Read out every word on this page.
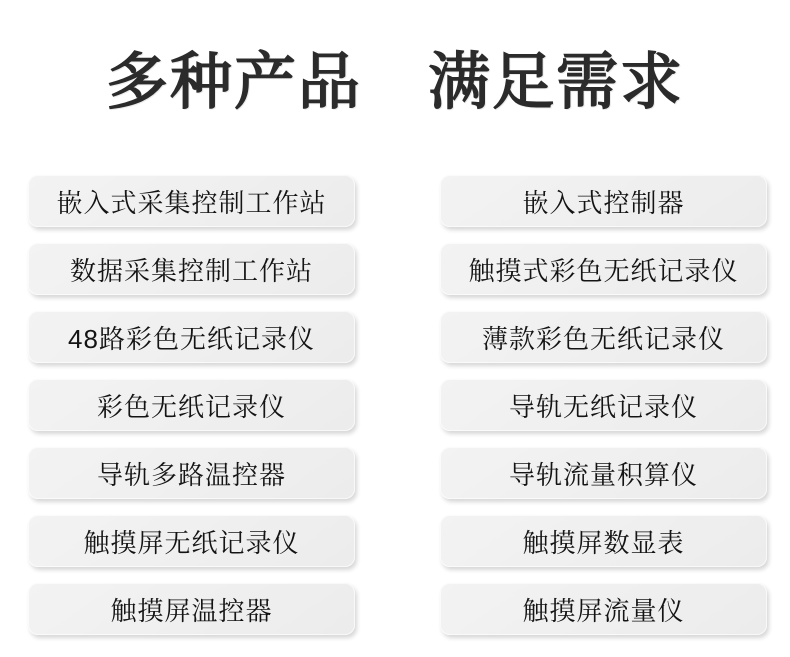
多种产品 满足需求
嵌入式采集控制工作站
数据采集控制工作站
48路彩色无纸记录仪
彩色无纸记录仪
导轨多路温控器
触摸屏无纸记录仪
触摸屏温控器
嵌入式控制器
触摸式彩色无纸记录仪
薄款彩色无纸记录仪
导轨无纸记录仪
导轨流量积算仪
触摸屏数显表
触摸屏流量仪
